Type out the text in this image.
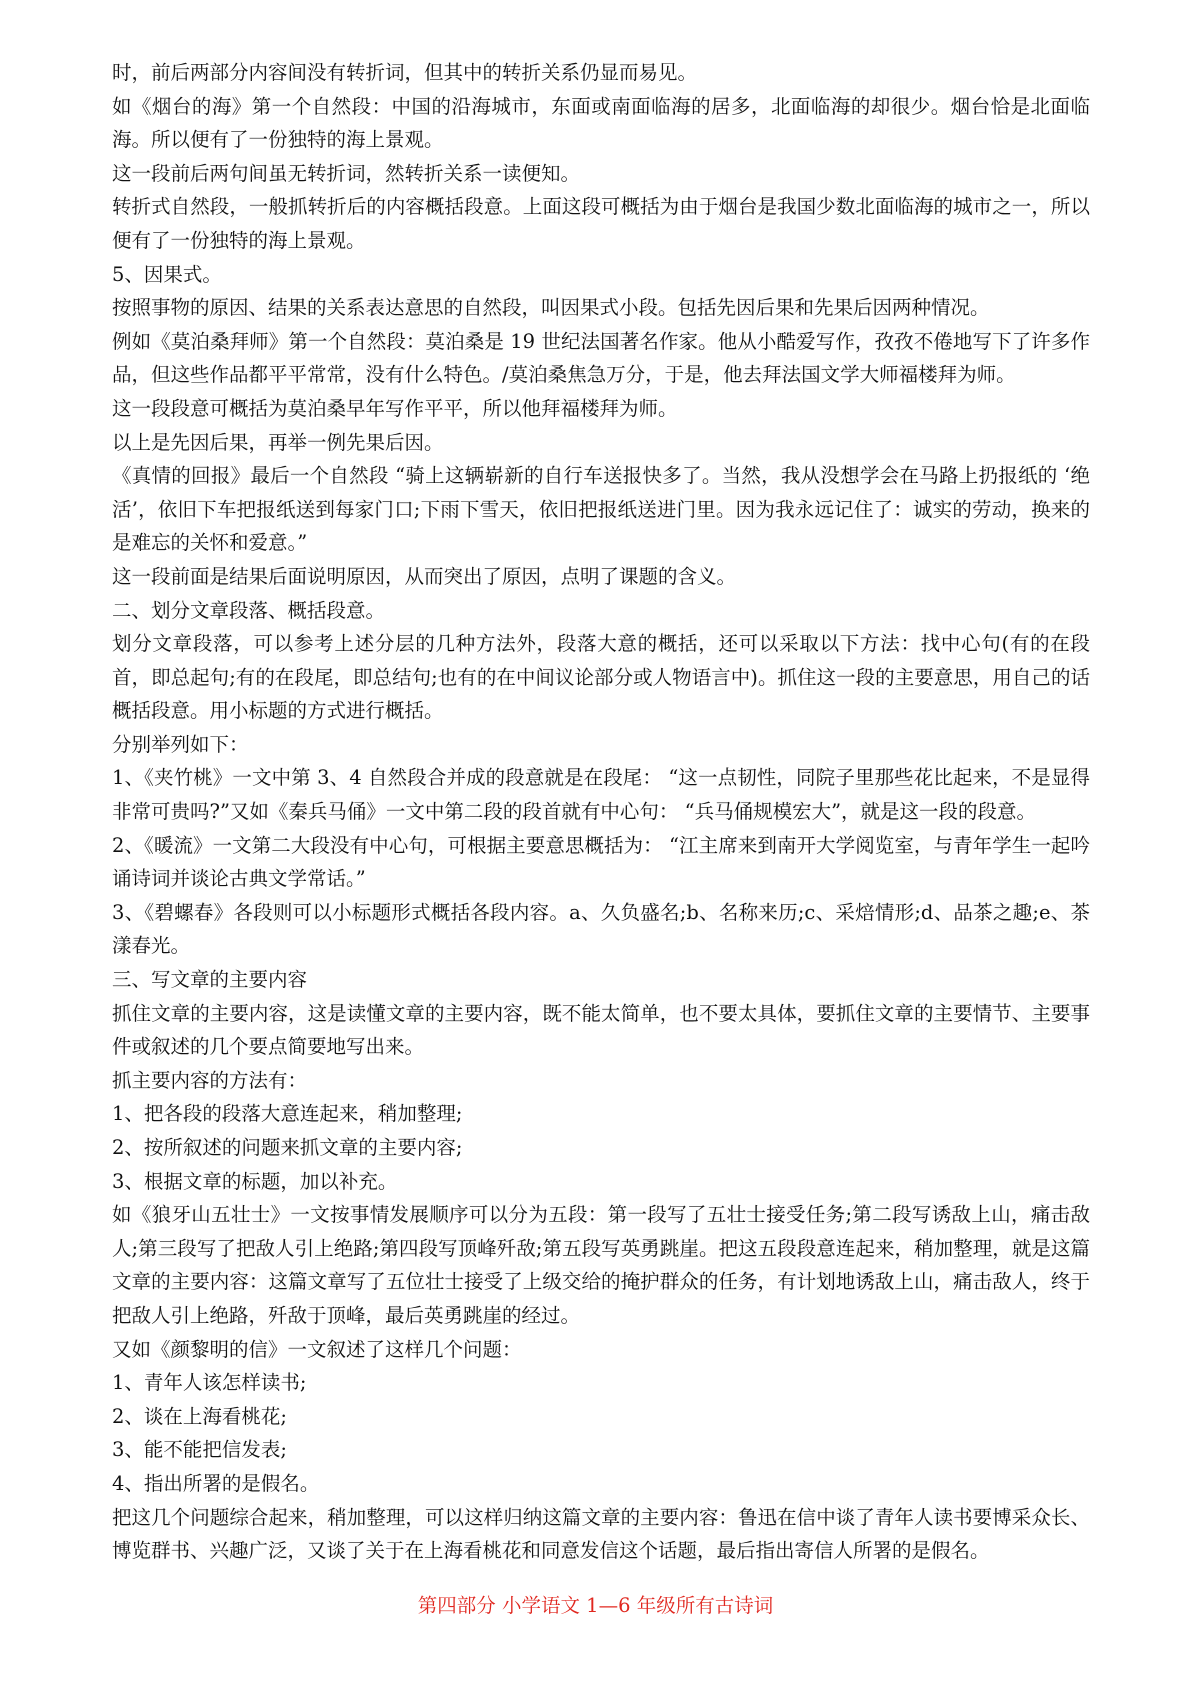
时，前后两部分内容间没有转折词，但其中的转折关系仍显而易见。

如《烟台的海》第一个自然段：中国的沿海城市，东面或南面临海的居多，北面临海的却很少。烟台恰是北面临海。所以便有了一份独特的海上景观。

这一段前后两句间虽无转折词，然转折关系一读便知。

转折式自然段，一般抓转折后的内容概括段意。上面这段可概括为由于烟台是我国少数北面临海的城市之一，所以便有了一份独特的海上景观。

5、因果式。

按照事物的原因、结果的关系表达意思的自然段，叫因果式小段。包括先因后果和先果后因两种情况。

例如《莫泊桑拜师》第一个自然段：莫泊桑是 19 世纪法国著名作家。他从小酷爱写作，孜孜不倦地写下了许多作品，但这些作品都平平常常，没有什么特色。/莫泊桑焦急万分，于是，他去拜法国文学大师福楼拜为师。

这一段段意可概括为莫泊桑早年写作平平，所以他拜福楼拜为师。

以上是先因后果，再举一例先果后因。

《真情的回报》最后一个自然段 “骑上这辆崭新的自行车送报快多了。当然，我从没想学会在马路上扔报纸的 ‘绝活’，依旧下车把报纸送到每家门口;下雨下雪天，依旧把报纸送进门里。因为我永远记住了：诚实的劳动，换来的是难忘的关怀和爱意。”

这一段前面是结果后面说明原因，从而突出了原因，点明了课题的含义。

二、划分文章段落、概括段意。

划分文章段落，可以参考上述分层的几种方法外，段落大意的概括，还可以采取以下方法：找中心句(有的在段首，即总起句;有的在段尾，即总结句;也有的在中间议论部分或人物语言中)。抓住这一段的主要意思，用自己的话概括段意。用小标题的方式进行概括。

分别举列如下：

1、《夹竹桃》一文中第 3、4 自然段合并成的段意就是在段尾： “这一点韧性，同院子里那些花比起来，不是显得非常可贵吗?”又如《秦兵马俑》一文中第二段的段首就有中心句： “兵马俑规模宏大”，就是这一段的段意。

2、《暖流》一文第二大段没有中心句，可根据主要意思概括为： “江主席来到南开大学阅览室，与青年学生一起吟诵诗词并谈论古典文学常话。”

3、《碧螺春》各段则可以小标题形式概括各段内容。a、久负盛名;b、名称来历;c、采焙情形;d、品茶之趣;e、茶漾春光。

三、写文章的主要内容

抓住文章的主要内容，这是读懂文章的主要内容，既不能太简单，也不要太具体，要抓住文章的主要情节、主要事件或叙述的几个要点简要地写出来。

抓主要内容的方法有：

1、把各段的段落大意连起来，稍加整理;

2、按所叙述的问题来抓文章的主要内容;

3、根据文章的标题，加以补充。

如《狼牙山五壮士》一文按事情发展顺序可以分为五段：第一段写了五壮士接受任务;第二段写诱敌上山，痛击敌人;第三段写了把敌人引上绝路;第四段写顶峰歼敌;第五段写英勇跳崖。把这五段段意连起来，稍加整理，就是这篇文章的主要内容：这篇文章写了五位壮士接受了上级交给的掩护群众的任务，有计划地诱敌上山，痛击敌人，终于把敌人引上绝路，歼敌于顶峰，最后英勇跳崖的经过。

又如《颜黎明的信》一文叙述了这样几个问题：

1、青年人该怎样读书;

2、谈在上海看桃花;

3、能不能把信发表;

4、指出所署的是假名。

把这几个问题综合起来，稍加整理，可以这样归纳这篇文章的主要内容：鲁迅在信中谈了青年人读书要博采众长、博览群书、兴趣广泛，又谈了关于在上海看桃花和同意发信这个话题，最后指出寄信人所署的是假名。

第四部分 小学语文 1—6 年级所有古诗词
